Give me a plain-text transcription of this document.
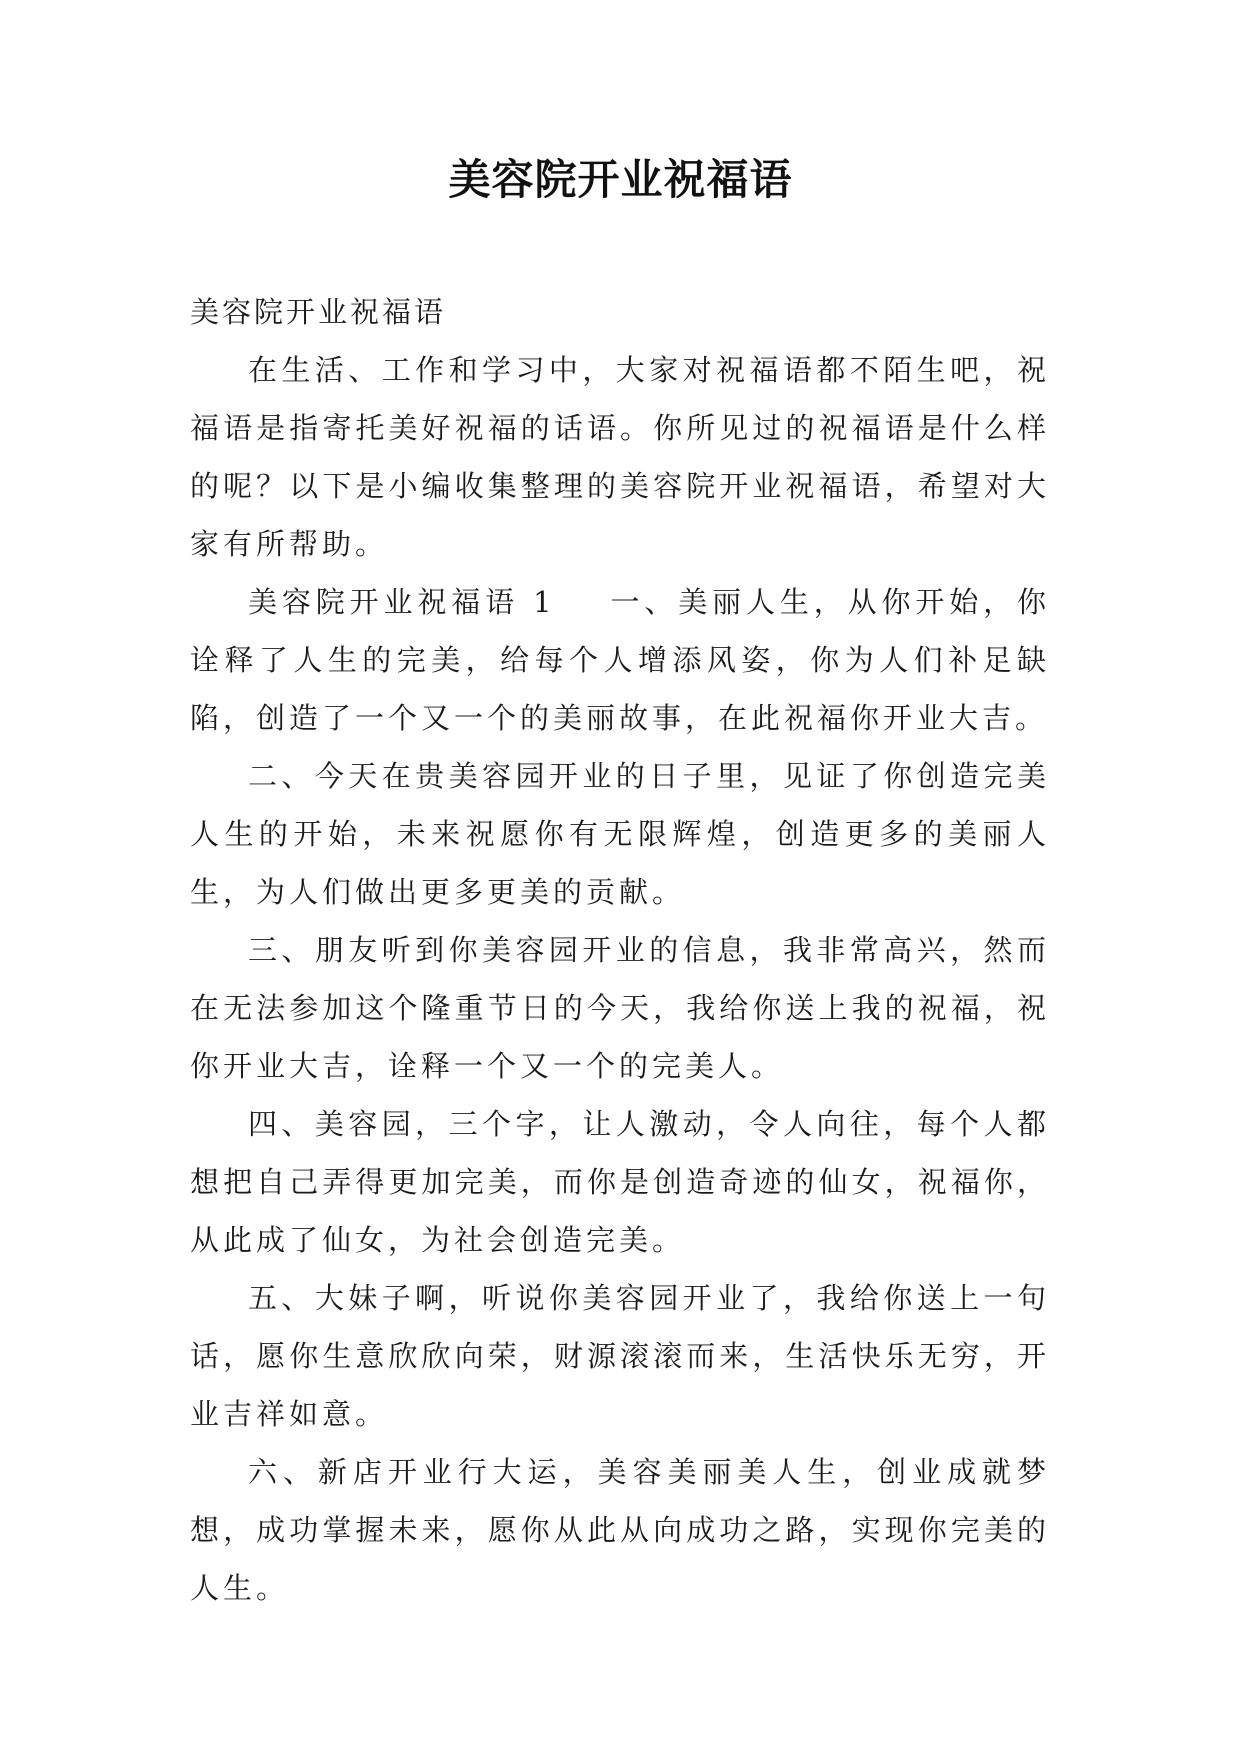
美容院开业祝福语

美容院开业祝福语

在生活、工作和学习中，大家对祝福语都不陌生吧，祝福语是指寄托美好祝福的话语。你所见过的祝福语是什么样的呢？以下是小编收集整理的美容院开业祝福语，希望对大家有所帮助。

美容院开业祝福语 1 一、美丽人生，从你开始，你诠释了人生的完美，给每个人增添风姿，你为人们补足缺陷，创造了一个又一个的美丽故事，在此祝福你开业大吉。

二、今天在贵美容园开业的日子里，见证了你创造完美人生的开始，未来祝愿你有无限辉煌，创造更多的美丽人生，为人们做出更多更美的贡献。

三、朋友听到你美容园开业的信息，我非常高兴，然而在无法参加这个隆重节日的今天，我给你送上我的祝福，祝你开业大吉，诠释一个又一个的完美人。

四、美容园，三个字，让人激动，令人向往，每个人都想把自己弄得更加完美，而你是创造奇迹的仙女，祝福你，从此成了仙女，为社会创造完美。

五、大妹子啊，听说你美容园开业了，我给你送上一句话，愿你生意欣欣向荣，财源滚滚而来，生活快乐无穷，开业吉祥如意。

六、新店开业行大运，美容美丽美人生，创业成就梦想，成功掌握未来，愿你从此从向成功之路，实现你完美的人生。
